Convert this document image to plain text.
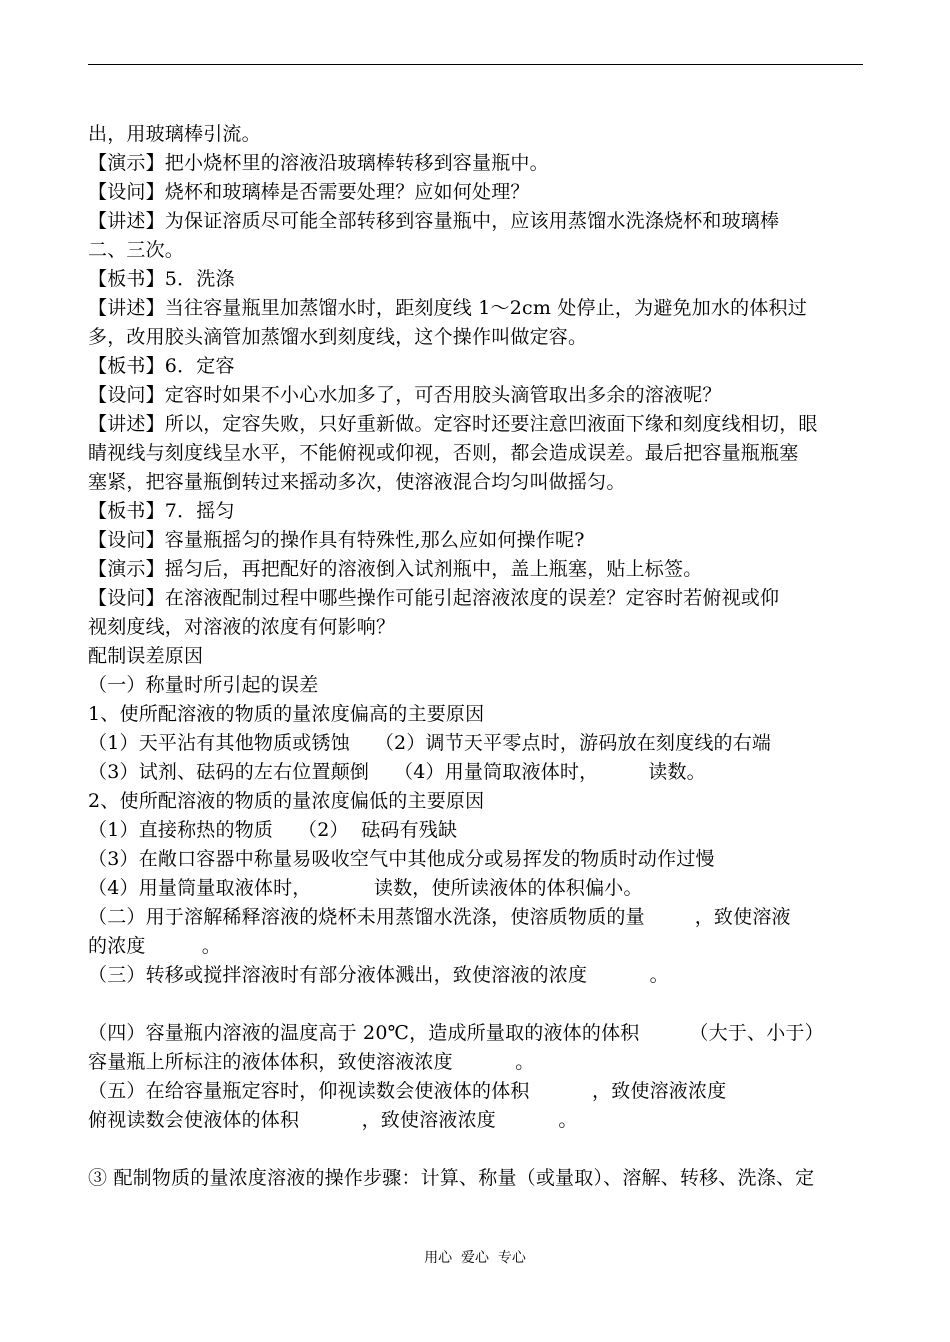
出，用玻璃棒引流。
【演示】把小烧杯里的溶液沿玻璃棒转移到容量瓶中。
【设问】烧杯和玻璃棒是否需要处理？应如何处理？
【讲述】为保证溶质尽可能全部转移到容量瓶中，应该用蒸馏水洗涤烧杯和玻璃棒
二、三次。
【板书】5．洗涤
【讲述】当往容量瓶里加蒸馏水时，距刻度线 1～2cm 处停止，为避免加水的体积过
多，改用胶头滴管加蒸馏水到刻度线，这个操作叫做定容。
【板书】6．定容
【设问】定容时如果不小心水加多了，可否用胶头滴管取出多余的溶液呢？
【讲述】所以，定容失败，只好重新做。定容时还要注意凹液面下缘和刻度线相切，眼
睛视线与刻度线呈水平，不能俯视或仰视，否则，都会造成误差。最后把容量瓶瓶塞
塞紧，把容量瓶倒转过来摇动多次，使溶液混合均匀叫做摇匀。
【板书】7．摇匀
【设问】容量瓶摇匀的操作具有特殊性,那么应如何操作呢?
【演示】摇匀后，再把配好的溶液倒入试剂瓶中，盖上瓶塞，贴上标签。
【设问】在溶液配制过程中哪些操作可能引起溶液浓度的误差？定容时若俯视或仰
视刻度线，对溶液的浓度有何影响？
配制误差原因
（一）称量时所引起的误差
1、使所配溶液的物质的量浓度偏高的主要原因
（1）天平沾有其他物质或锈蚀    （2）调节天平零点时，游码放在刻度线的右端
（3）试剂、砝码的左右位置颠倒    （4）用量筒取液体时，        读数。
2、使所配溶液的物质的量浓度偏低的主要原因
（1）直接称热的物质    （2）  砝码有残缺
（3）在敞口容器中称量易吸收空气中其他成分或易挥发的物质时动作过慢
（4）用量筒量取液体时，          读数，使所读液体的体积偏小。
（二）用于溶解稀释溶液的烧杯未用蒸馏水洗涤，使溶质物质的量        ，致使溶液
的浓度         。
（三）转移或搅拌溶液时有部分液体溅出，致使溶液的浓度          。
（四）容量瓶内溶液的温度高于 20℃，造成所量取的液体的体积        （大于、小于）
容量瓶上所标注的液体体积，致使溶液浓度          。
（五）在给容量瓶定容时，仰视读数会使液体的体积          ，致使溶液浓度
俯视读数会使液体的体积          ，致使溶液浓度          。
③ 配制物质的量浓度溶液的操作步骤：计算、称量（或量取）、溶解、转移、洗涤、定
用心  爱心  专心
